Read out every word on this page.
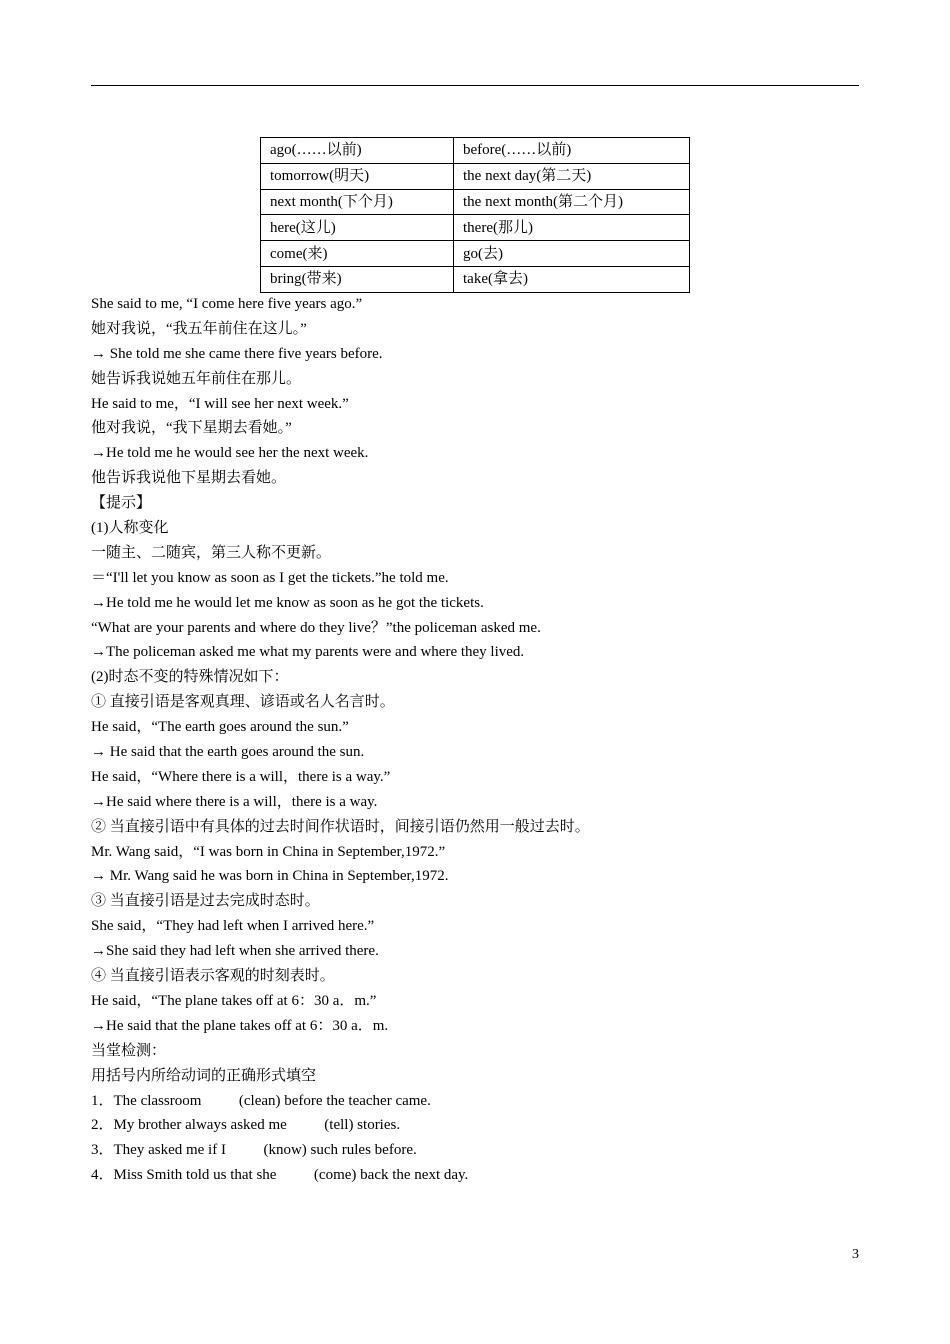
ago(……以前)	before(……以前)
tomorrow(明天)	the next day(第二天)
next month(下个月)	the next month(第二个月)
here(这儿)	there(那儿)
come(来)	go(去)
bring(带来)	take(拿去)
She said to me, “I come here five years ago.”
她对我说，“我五年前住在这儿。”
→ She told me she came there five years before.
她告诉我说她五年前住在那儿。
He said to me，“I will see her next week.”
他对我说，“我下星期去看她。”
→He told me he would see her the next week.
他告诉我说他下星期去看她。
【提示】
(1)人称变化
一随主、二随宾，第三人称不更新。
＝“I'll let you know as soon as I get the tickets.”he told me.
→He told me he would let me know as soon as he got the tickets.
“What are your parents and where do they live？”the policeman asked me.
→The policeman asked me what my parents were and where they lived.
(2)时态不变的特殊情况如下：
① 直接引语是客观真理、谚语或名人名言时。
He said，“The earth goes around the sun.”
→ He said that the earth goes around the sun.
He said，“Where there is a will，there is a way.”
→He said where there is a will，there is a way.
② 当直接引语中有具体的过去时间作状语时，间接引语仍然用一般过去时。
Mr. Wang said，“I was born in China in September,1972.”
→ Mr. Wang said he was born in China in September,1972.
③ 当直接引语是过去完成时态时。
She said，“They had left when I arrived here.”
→She said they had left when she arrived there.
④ 当直接引语表示客观的时刻表时。
He said，“The plane takes off at 6：30 a．m.”
→He said that the plane takes off at 6：30 a．m.
当堂检测：
用括号内所给动词的正确形式填空
1．The classroom          (clean) before the teacher came.
2．My brother always asked me          (tell) stories.
3．They asked me if I          (know) such rules before.
4．Miss Smith told us that she          (come) back the next day.
3
